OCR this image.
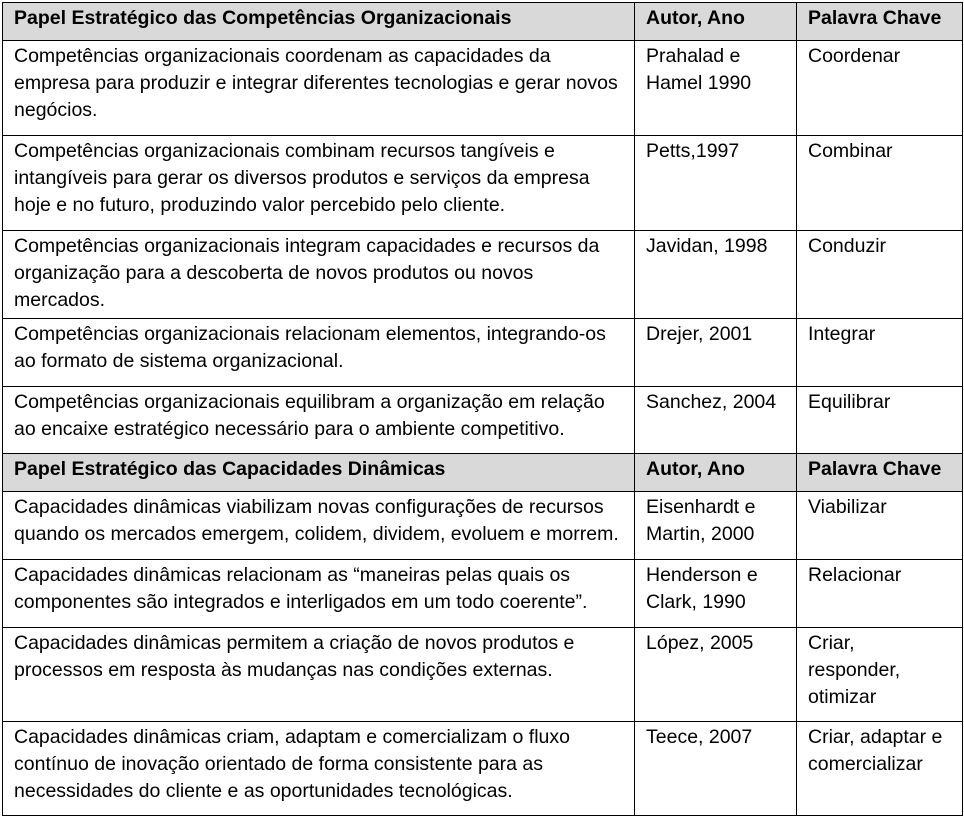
Papel Estratégico das Competências Organizacionais	Autor, Ano	Palavra Chave
Competências organizacionais coordenam as capacidades da empresa para produzir e integrar diferentes tecnologias e gerar novos negócios.	Prahalad e Hamel 1990	Coordenar
Competências organizacionais combinam recursos tangíveis e intangíveis para gerar os diversos produtos e serviços da empresa hoje e no futuro, produzindo valor percebido pelo cliente.	Petts,1997	Combinar
Competências organizacionais integram capacidades e recursos da organização para a descoberta de novos produtos ou novos mercados.	Javidan, 1998	Conduzir
Competências organizacionais relacionam elementos, integrando-os ao formato de sistema organizacional.	Drejer, 2001	Integrar
Competências organizacionais equilibram a organização em relação ao encaixe estratégico necessário para o ambiente competitivo.	Sanchez, 2004	Equilibrar
Papel Estratégico das Capacidades Dinâmicas	Autor, Ano	Palavra Chave
Capacidades dinâmicas viabilizam novas configurações de recursos quando os mercados emergem, colidem, dividem, evoluem e morrem.	Eisenhardt e Martin, 2000	Viabilizar
Capacidades dinâmicas relacionam as “maneiras pelas quais os componentes são integrados e interligados em um todo coerente”.	Henderson e Clark, 1990	Relacionar
Capacidades dinâmicas permitem a criação de novos produtos e processos em resposta às mudanças nas condições externas.	López, 2005	Criar, responder, otimizar
Capacidades dinâmicas criam, adaptam e comercializam o fluxo contínuo de inovação orientado de forma consistente para as necessidades do cliente e as oportunidades tecnológicas.	Teece, 2007	Criar, adaptar e comercializar
